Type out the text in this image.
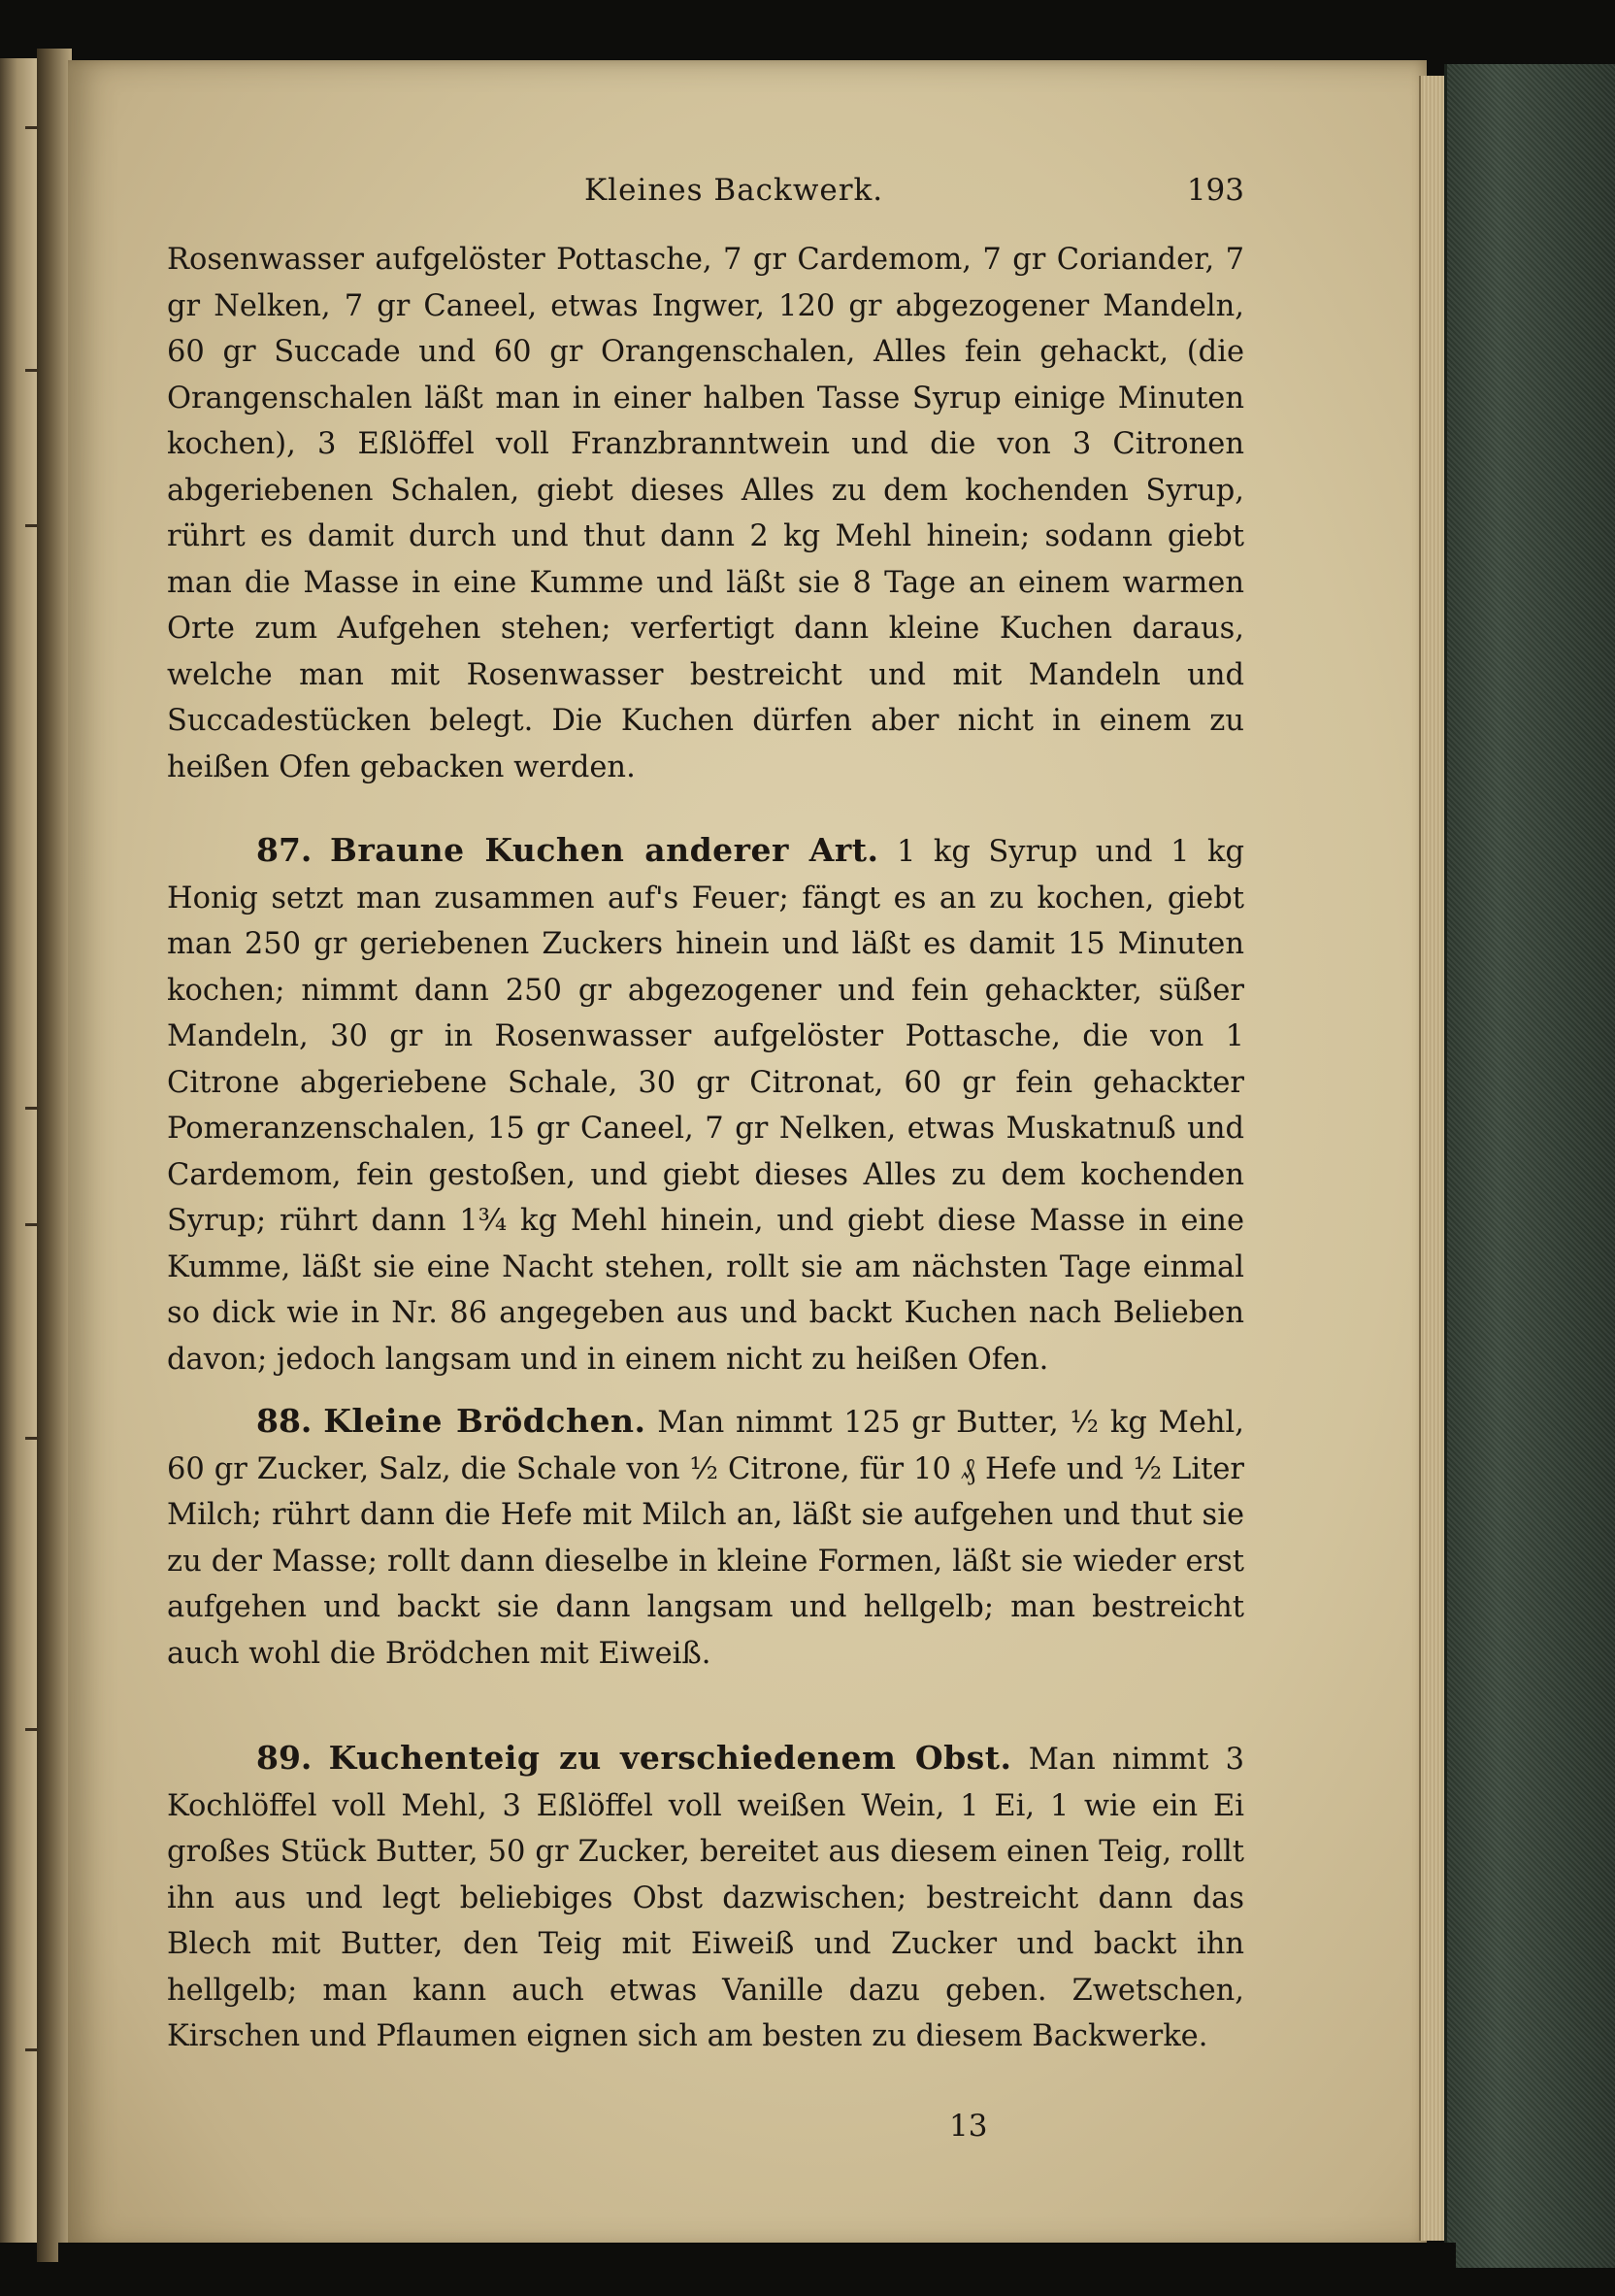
Kleines Backwerk.	193

Rosenwasser aufgelöster Pottasche, 7 gr Cardemom, 7 gr Coriander, 7 gr Nelken, 7 gr Caneel, etwas Ingwer, 120 gr abgezogener Mandeln, 60 gr Succade und 60 gr Orangenschalen, Alles fein gehackt, (die Orangenschalen läßt man in einer halben Tasse Syrup einige Minuten kochen), 3 Eßlöffel voll Franzbranntwein und die von 3 Citronen abgeriebenen Schalen, giebt dieses Alles zu dem kochenden Syrup, rührt es damit durch und thut dann 2 kg Mehl hinein; sodann giebt man die Masse in eine Kumme und läßt sie 8 Tage an einem warmen Orte zum Aufgehen stehen; verfertigt dann kleine Kuchen daraus, welche man mit Rosenwasser bestreicht und mit Mandeln und Succadestücken belegt. Die Kuchen dürfen aber nicht in einem zu heißen Ofen gebacken werden.

87. Braune Kuchen anderer Art. 1 kg Syrup und 1 kg Honig setzt man zusammen auf's Feuer; fängt es an zu kochen, giebt man 250 gr geriebenen Zuckers hinein und läßt es damit 15 Minuten kochen; nimmt dann 250 gr abgezogener und fein gehackter, süßer Mandeln, 30 gr in Rosenwasser aufgelöster Pottasche, die von 1 Citrone abgeriebene Schale, 30 gr Citronat, 60 gr fein gehackter Pomeranzenschalen, 15 gr Caneel, 7 gr Nelken, etwas Muskatnuß und Cardemom, fein gestoßen, und giebt dieses Alles zu dem kochenden Syrup; rührt dann 1¾ kg Mehl hinein, und giebt diese Masse in eine Kumme, läßt sie eine Nacht stehen, rollt sie am nächsten Tage einmal so dick wie in Nr. 86 angegeben aus und backt Kuchen nach Belieben davon; jedoch langsam und in einem nicht zu heißen Ofen.

88. Kleine Brödchen. Man nimmt 125 gr Butter, ½ kg Mehl, 60 gr Zucker, Salz, die Schale von ½ Citrone, für 10 ₰ Hefe und ½ Liter Milch; rührt dann die Hefe mit Milch an, läßt sie aufgehen und thut sie zu der Masse; rollt dann dieselbe in kleine Formen, läßt sie wieder erst aufgehen und backt sie dann langsam und hellgelb; man bestreicht auch wohl die Brödchen mit Eiweiß.

89. Kuchenteig zu verschiedenem Obst. Man nimmt 3 Kochlöffel voll Mehl, 3 Eßlöffel voll weißen Wein, 1 Ei, 1 wie ein Ei großes Stück Butter, 50 gr Zucker, bereitet aus diesem einen Teig, rollt ihn aus und legt beliebiges Obst dazwischen; bestreicht dann das Blech mit Butter, den Teig mit Eiweiß und Zucker und backt ihn hellgelb; man kann auch etwas Vanille dazu geben. Zwetschen, Kirschen und Pflaumen eignen sich am besten zu diesem Backwerke.

13
